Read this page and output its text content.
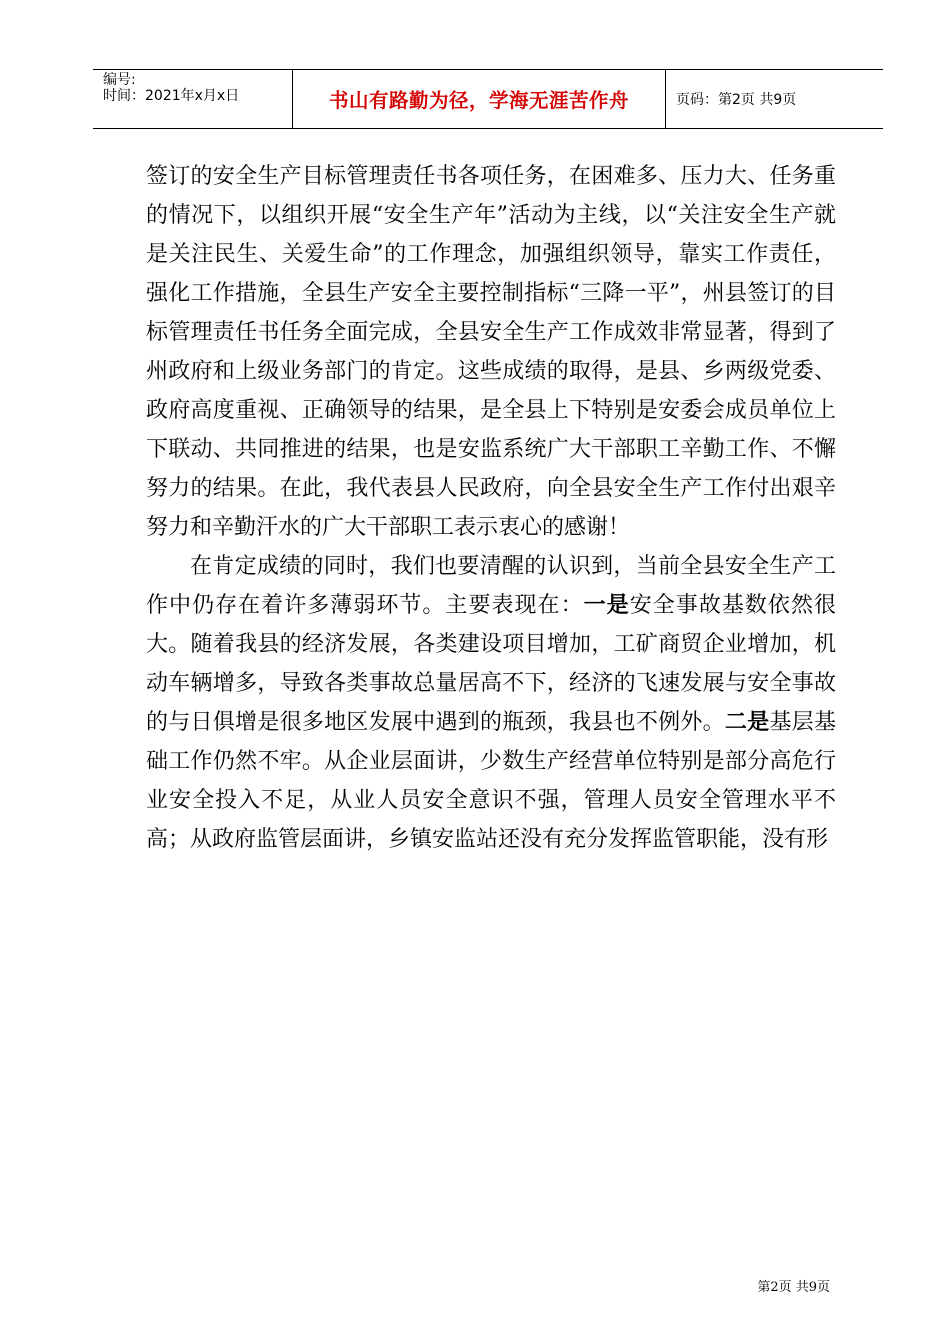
编号:
时间：2021年x月x日	书山有路勤为径，学海无涯苦作舟	页码：第2页 共9页

签订的安全生产目标管理责任书各项任务，在困难多、压力大、任务重的情况下，以组织开展“安全生产年”活动为主线，以“关注安全生产就是关注民生、关爱生命”的工作理念，加强组织领导，靠实工作责任，强化工作措施，全县生产安全主要控制指标“三降一平”，州县签订的目标管理责任书任务全面完成，全县安全生产工作成效非常显著，得到了州政府和上级业务部门的肯定。这些成绩的取得，是县、乡两级党委、政府高度重视、正确领导的结果，是全县上下特别是安委会成员单位上下联动、共同推进的结果，也是安监系统广大干部职工辛勤工作、不懈努力的结果。在此，我代表县人民政府，向全县安全生产工作付出艰辛努力和辛勤汗水的广大干部职工表示衷心的感谢！

在肯定成绩的同时，我们也要清醒的认识到，当前全县安全生产工作中仍存在着许多薄弱环节。主要表现在：一是安全事故基数依然很大。随着我县的经济发展，各类建设项目增加，工矿商贸企业增加，机动车辆增多，导致各类事故总量居高不下，经济的飞速发展与安全事故的与日俱增是很多地区发展中遇到的瓶颈，我县也不例外。二是基层基础工作仍然不牢。从企业层面讲，少数生产经营单位特别是部分高危行业安全投入不足，从业人员安全意识不强，管理人员安全管理水平不高；从政府监管层面讲，乡镇安监站还没有充分发挥监管职能，没有形

第2页 共9页
